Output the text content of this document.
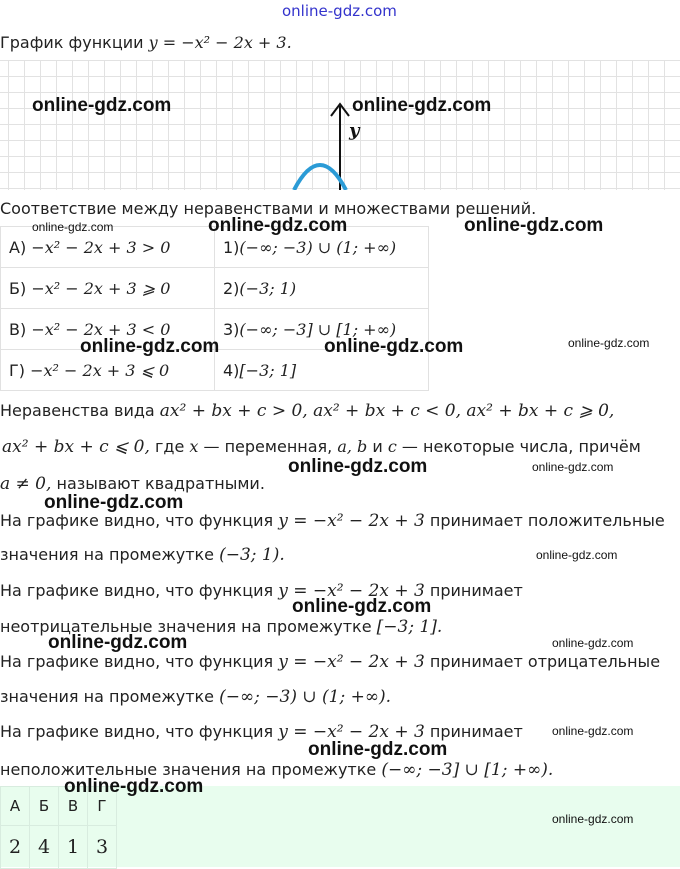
online-gdz.com
График функции y = −x² − 2x + 3.
y
Соответствие между неравенствами и множествами решений.
А) −x² − 2x + 3 > 0	1)(−∞; −3) ∪ (1; +∞)
Б) −x² − 2x + 3 ⩾ 0	2)(−3; 1)
В) −x² − 2x + 3 < 0	3)(−∞; −3] ∪ [1; +∞)
Г) −x² − 2x + 3 ⩽ 0	4)[−3; 1]
Неравенства вида ax² + bx + c > 0, ax² + bx + c < 0, ax² + bx + c ⩾ 0,
ax² + bx + c ⩽ 0, где x — переменная, a, b и c — некоторые числа, причём
a ≠ 0, называют квадратными.
На графике видно, что функция y = −x² − 2x + 3 принимает положительные
значения на промежутке (−3; 1).
На графике видно, что функция y = −x² − 2x + 3 принимает
неотрицательные значения на промежутке [−3; 1].
На графике видно, что функция y = −x² − 2x + 3 принимает отрицательные
значения на промежутке (−∞; −3) ∪ (1; +∞).
На графике видно, что функция y = −x² − 2x + 3 принимает
неположительные значения на промежутке (−∞; −3] ∪ [1; +∞).
А	Б	В	Г
2	4	1	3
online-gdz.com	online-gdz.com
online-gdz.com	online-gdz.com	online-gdz.com
online-gdz.com
online-gdz.com	online-gdz.com
online-gdz.com	online-gdz.com
online-gdz.com
online-gdz.com
online-gdz.com
online-gdz.com	online-gdz.com
online-gdz.com
online-gdz.com
online-gdz.com
online-gdz.com
